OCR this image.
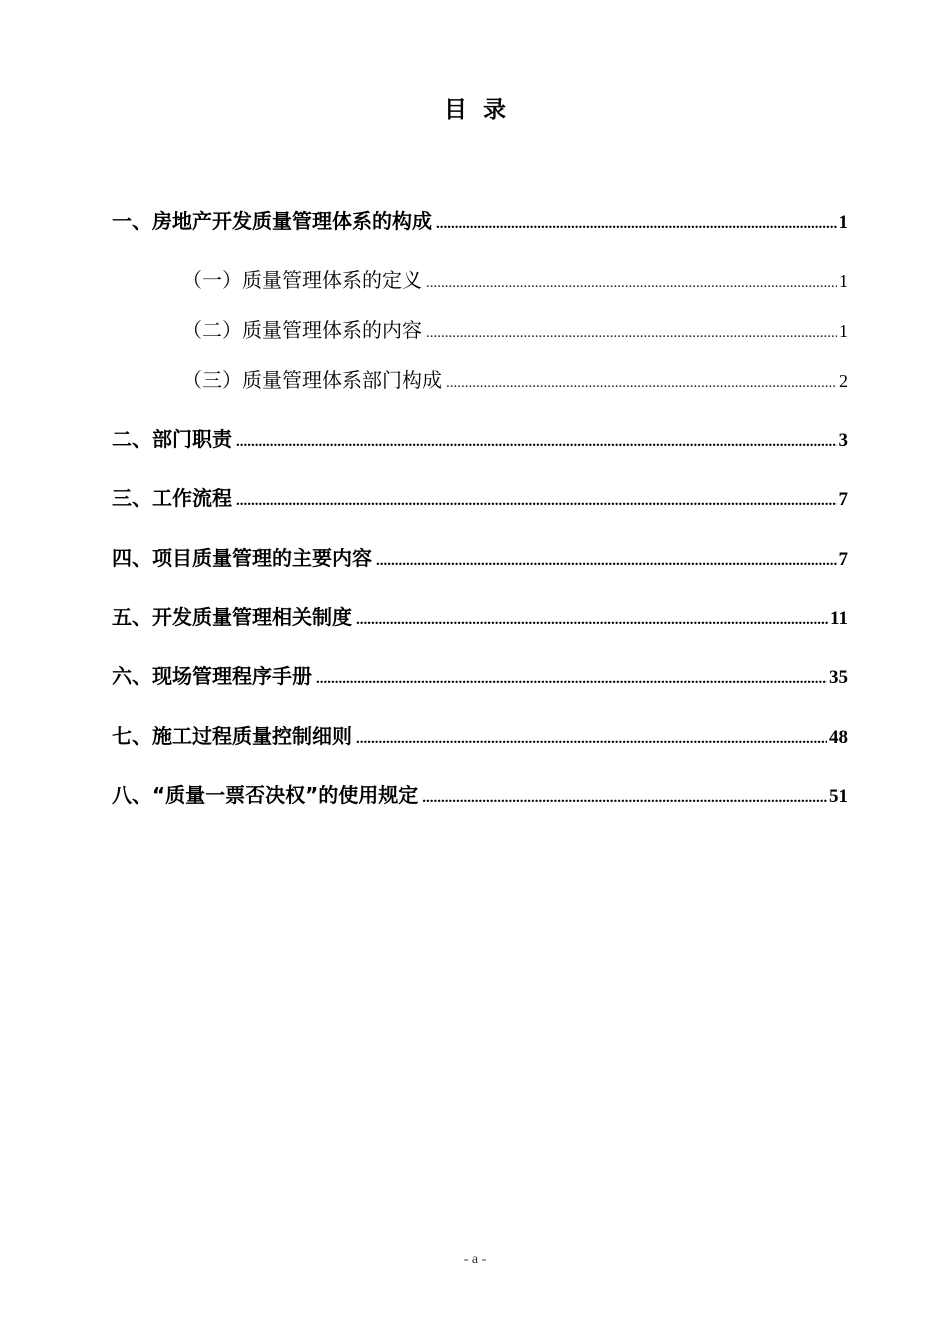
目录
一、房地产开发质量管理体系的构成 .....	1
（一）质量管理体系的定义 .....	1
（二）质量管理体系的内容 .....	1
（三）质量管理体系部门构成 .....	2
二、部门职责 .....	3
三、工作流程 .....	7
四、项目质量管理的主要内容 .....	7
五、开发质量管理相关制度 .....	11
六、现场管理程序手册 .....	35
七、施工过程质量控制细则 .....	48
八、“质量一票否决权”的使用规定 .....	51
- a -
